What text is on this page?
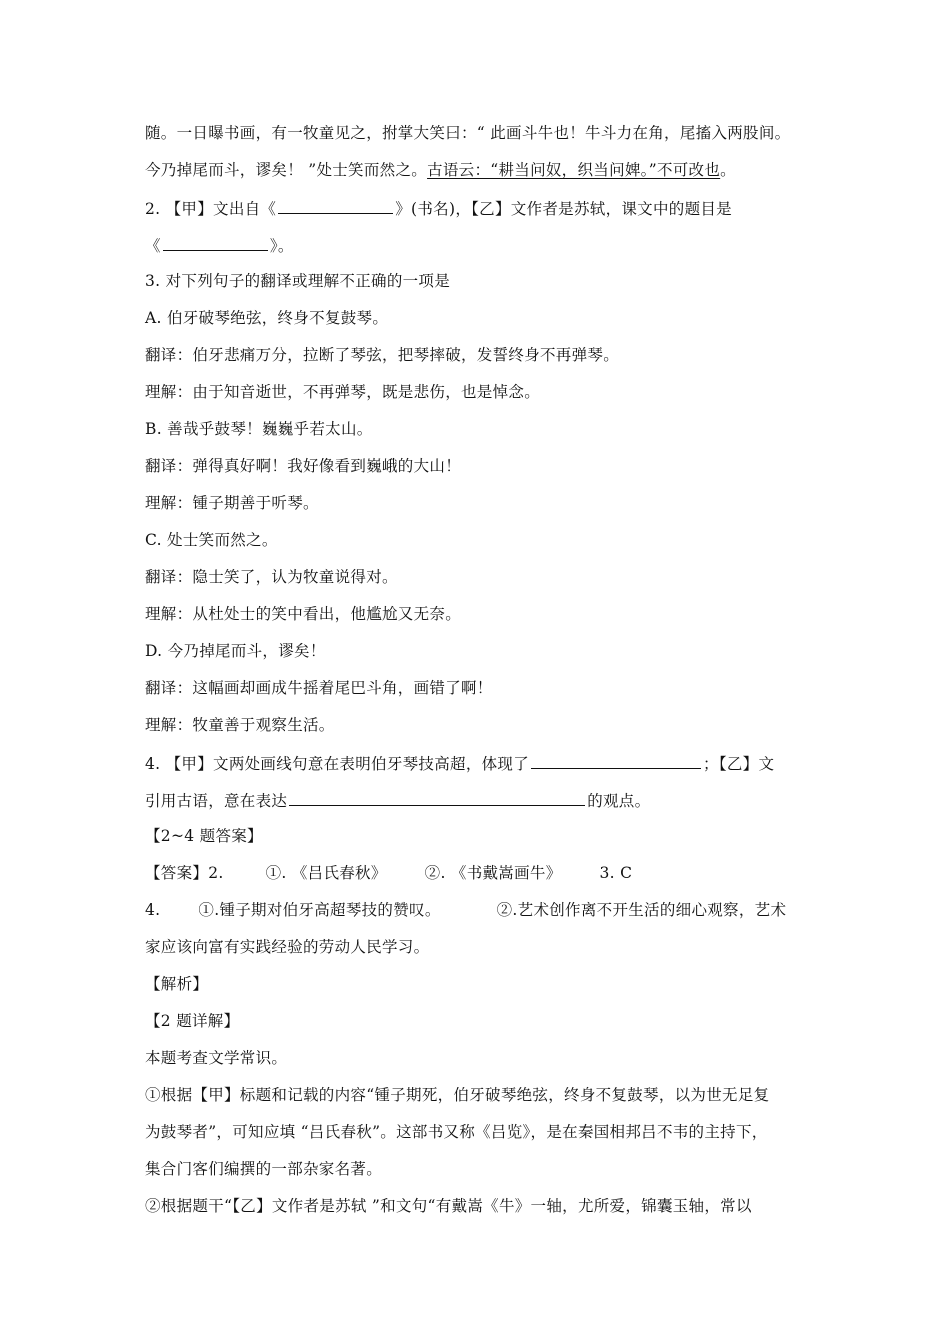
随。一日曝书画，有一牧童见之，拊掌大笑曰：“ 此画斗牛也！牛斗力在角，尾搐入两股间。
今乃掉尾而斗，谬矣！ ”处士笑而然之。古语云：“耕当问奴，织当问婢。”不可改也。
2. 【甲】文出自《	》(书名)，【乙】文作者是苏轼，课文中的题目是
《	》。
3. 对下列句子的翻译或理解不正确的一项是
A. 伯牙破琴绝弦，终身不复鼓琴。
翻译：伯牙悲痛万分，拉断了琴弦，把琴摔破，发誓终身不再弹琴。
理解：由于知音逝世，不再弹琴，既是悲伤，也是悼念。
B. 善哉乎鼓琴！巍巍乎若太山。
翻译：弹得真好啊！我好像看到巍峨的大山！
理解：锺子期善于听琴。
C. 处士笑而然之。
翻译：隐士笑了，认为牧童说得对。
理解：从杜处士的笑中看出，他尴尬又无奈。
D. 今乃掉尾而斗，谬矣！
翻译：这幅画却画成牛摇着尾巴斗角，画错了啊！
理解：牧童善于观察生活。
4. 【甲】文两处画线句意在表明伯牙琴技高超，体现了	；【乙】文
引用古语，意在表达	的观点。
【2~4 题答案】
【答案】2.	①. 《吕氏春秋》 ②. 《书戴嵩画牛》 3. C
4. ①.锺子期对伯牙高超琴技的赞叹。	②.艺术创作离不开生活的细心观察，艺术
家应该向富有实践经验的劳动人民学习。
【解析】
【2 题详解】
本题考查文学常识。
①根据【甲】标题和记载的内容“锺子期死，伯牙破琴绝弦，终身不复鼓琴，以为世无足复
为鼓琴者”，可知应填 “吕氏春秋”。这部书又称《吕览》，是在秦国相邦吕不韦的主持下，
集合门客们编撰的一部杂家名著。
②根据题干“【乙】文作者是苏轼 ”和文句“有戴嵩《牛》一轴，尤所爱，锦囊玉轴，常以
